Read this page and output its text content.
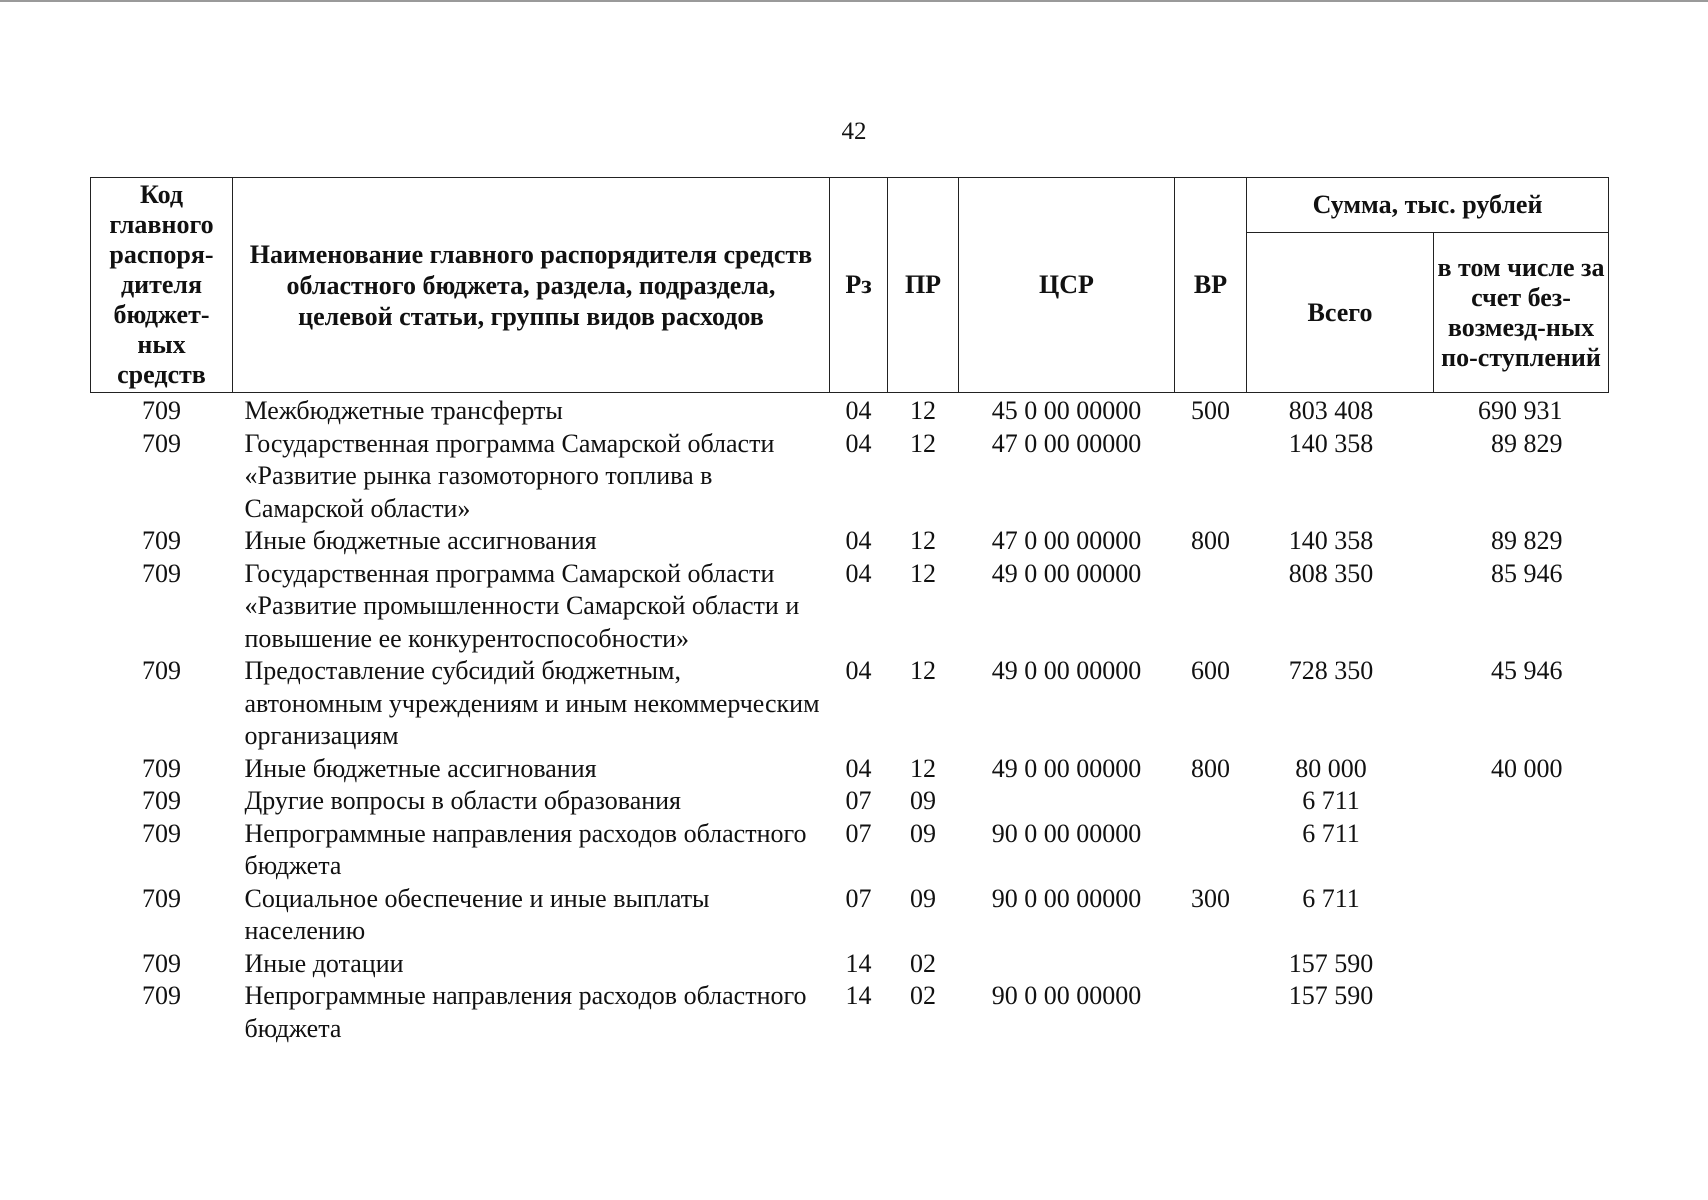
42
Код главного распоря-дителя бюджет-ных средств	Наименование главного распорядителя средств областного бюджета, раздела, подраздела, целевой статьи, группы видов расходов	Рз	ПР	ЦСР	ВР	Сумма, тыс. рублей	
						Всего	в том числе за счет без-возмезд-ных по-ступлений
709	Межбюджетные трансферты	04	12	45 0 00 00000	500	803 408	690 931
709	Государственная программа Самарской области «Развитие рынка газомоторного топлива в Самарской области»	04	12	47 0 00 00000		140 358	89 829
709	Иные бюджетные ассигнования	04	12	47 0 00 00000	800	140 358	89 829
709	Государственная программа Самарской области «Развитие промышленности Самарской области и повышение ее конкурентоспособности»	04	12	49 0 00 00000		808 350	85 946
709	Предоставление субсидий бюджетным, автономным учреждениям и иным некоммерческим организациям	04	12	49 0 00 00000	600	728 350	45 946
709	Иные бюджетные ассигнования	04	12	49 0 00 00000	800	80 000	40 000
709	Другие вопросы в области образования	07	09			6 711	
709	Непрограммные направления расходов областного бюджета	07	09	90 0 00 00000		6 711	
709	Социальное обеспечение и иные выплаты населению	07	09	90 0 00 00000	300	6 711	
709	Иные дотации	14	02			157 590	
709	Непрограммные направления расходов областного бюджета	14	02	90 0 00 00000		157 590	
